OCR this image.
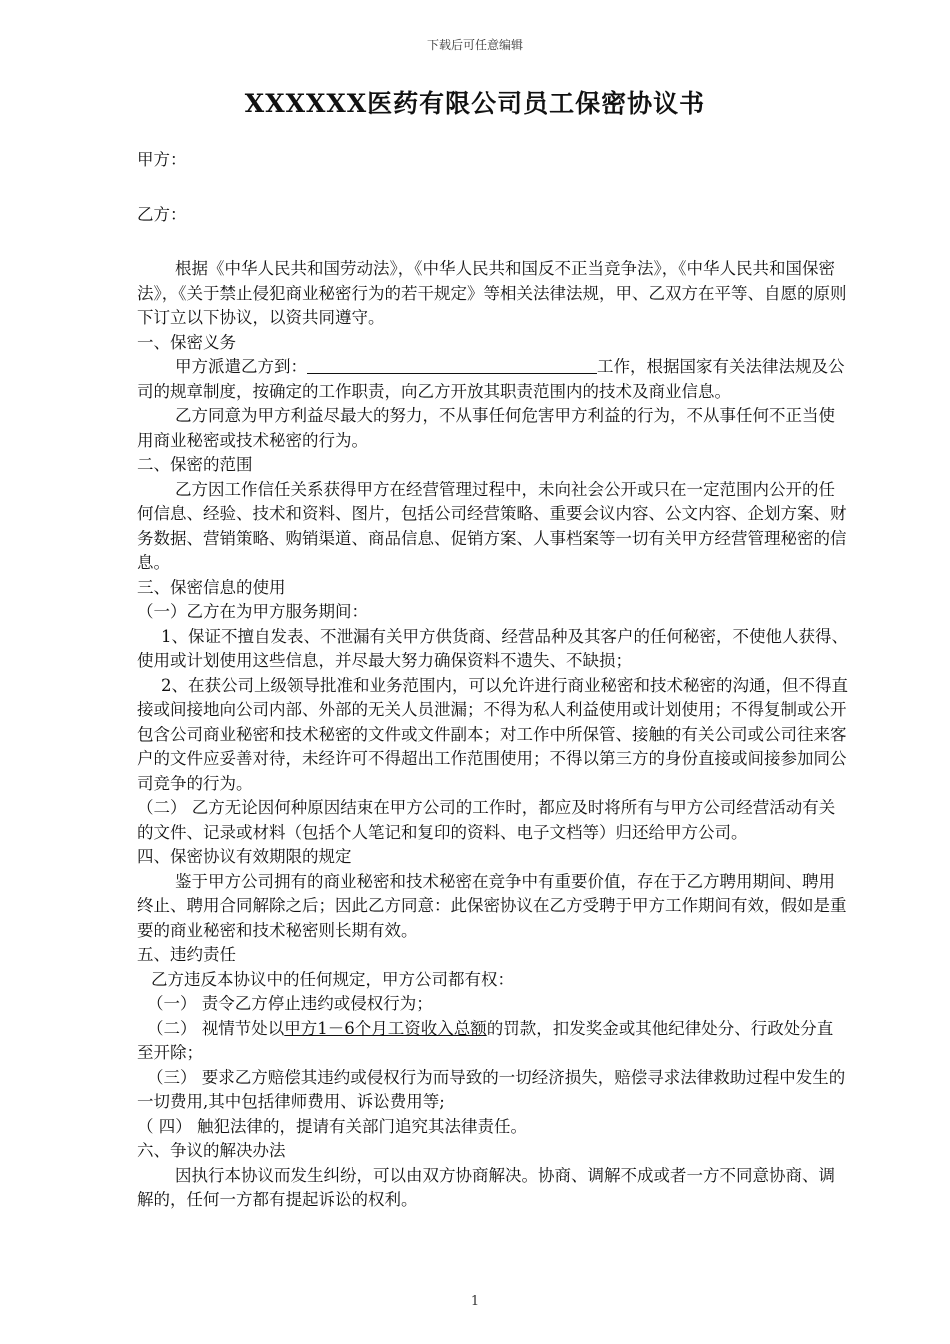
下载后可任意编辑
XXXXXX医药有限公司员工保密协议书

甲方：

乙方：

根据《中华人民共和国劳动法》，《中华人民共和国反不正当竞争法》，《中华人民共和国保密法》，《关于禁止侵犯商业秘密行为的若干规定》等相关法律法规，甲、乙双方在平等、自愿的原则下订立以下协议，以资共同遵守。

一、保密义务

甲方派遣乙方到：	工作，根据国家有关法律法规及公司的规章制度，按确定的工作职责，向乙方开放其职责范围内的技术及商业信息。

乙方同意为甲方利益尽最大的努力，不从事任何危害甲方利益的行为，不从事任何不正当使用商业秘密或技术秘密的行为。

二、保密的范围

乙方因工作信任关系获得甲方在经营管理过程中，未向社会公开或只在一定范围内公开的任何信息、经验、技术和资料、图片，包括公司经营策略、重要会议内容、公文内容、企划方案、财务数据、营销策略、购销渠道、商品信息、促销方案、人事档案等一切有关甲方经营管理秘密的信息。

三、保密信息的使用

（一）乙方在为甲方服务期间：

1、保证不擅自发表、不泄漏有关甲方供货商、经营品种及其客户的任何秘密，不使他人获得、使用或计划使用这些信息，并尽最大努力确保资料不遗失、不缺损；

2、在获公司上级领导批准和业务范围内，可以允许进行商业秘密和技术秘密的沟通，但不得直接或间接地向公司内部、外部的无关人员泄漏；不得为私人利益使用或计划使用；不得复制或公开包含公司商业秘密和技术秘密的文件或文件副本；对工作中所保管、接触的有关公司或公司往来客户的文件应妥善对待，未经许可不得超出工作范围使用；不得以第三方的身份直接或间接参加同公司竞争的行为。

（二） 乙方无论因何种原因结束在甲方公司的工作时，都应及时将所有与甲方公司经营活动有关的文件、记录或材料（包括个人笔记和复印的资料、电子文档等）归还给甲方公司。

四、保密协议有效期限的规定

鉴于甲方公司拥有的商业秘密和技术秘密在竞争中有重要价值，存在于乙方聘用期间、聘用终止、聘用合同解除之后；因此乙方同意：此保密协议在乙方受聘于甲方工作期间有效，假如是重要的商业秘密和技术秘密则长期有效。

五、违约责任

乙方违反本协议中的任何规定，甲方公司都有权：

（一） 责令乙方停止违约或侵权行为；

（二） 视情节处以甲方1－6个月工资收入总额的罚款，扣发奖金或其他纪律处分、行政处分直至开除；

（三） 要求乙方赔偿其违约或侵权行为而导致的一切经济损失，赔偿寻求法律救助过程中发生的一切费用,其中包括律师费用、诉讼费用等;

（ 四） 触犯法律的，提请有关部门追究其法律责任。

六、争议的解决办法

因执行本协议而发生纠纷，可以由双方协商解决。协商、调解不成或者一方不同意协商、调解的，任何一方都有提起诉讼的权利。

1
